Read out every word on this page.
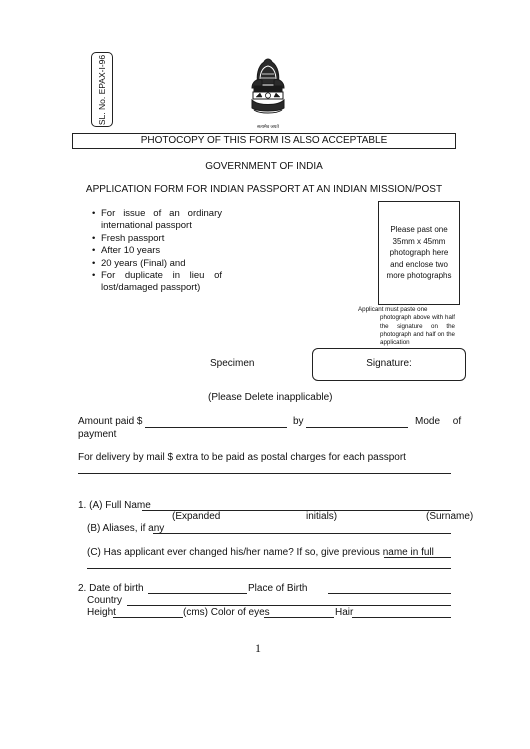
SL. No. EPAX-I-96
सत्यमेव जयते
PHOTOCOPY OF THIS FORM IS ALSO ACCEPTABLE
GOVERNMENT OF INDIA
APPLICATION FORM FOR INDIAN PASSPORT AT AN INDIAN MISSION/POST
• For issue of an ordinary international passport
• Fresh passport
• After 10 years
• 20 years (Final) and
• For duplicate in lieu of lost/damaged passport)
Please past one 35mm x 45mm photograph here and enclose two more photographs
Applicant must paste one
photograph above with half the signature on the photograph and half on the application
Specimen	Signature:
(Please Delete inapplicable)
Amount paid $	by	Mode of
payment
For delivery by mail $ extra to be paid as postal charges for each passport
1. (A) Full Name
(Expanded	initials)	(Surname)
(B) Aliases, if any
(C) Has applicant ever changed his/her name? If so, give previous name in full
2. Date of birth	Place of Birth
Country
Height	(cms) Color of eyes	Hair
1
